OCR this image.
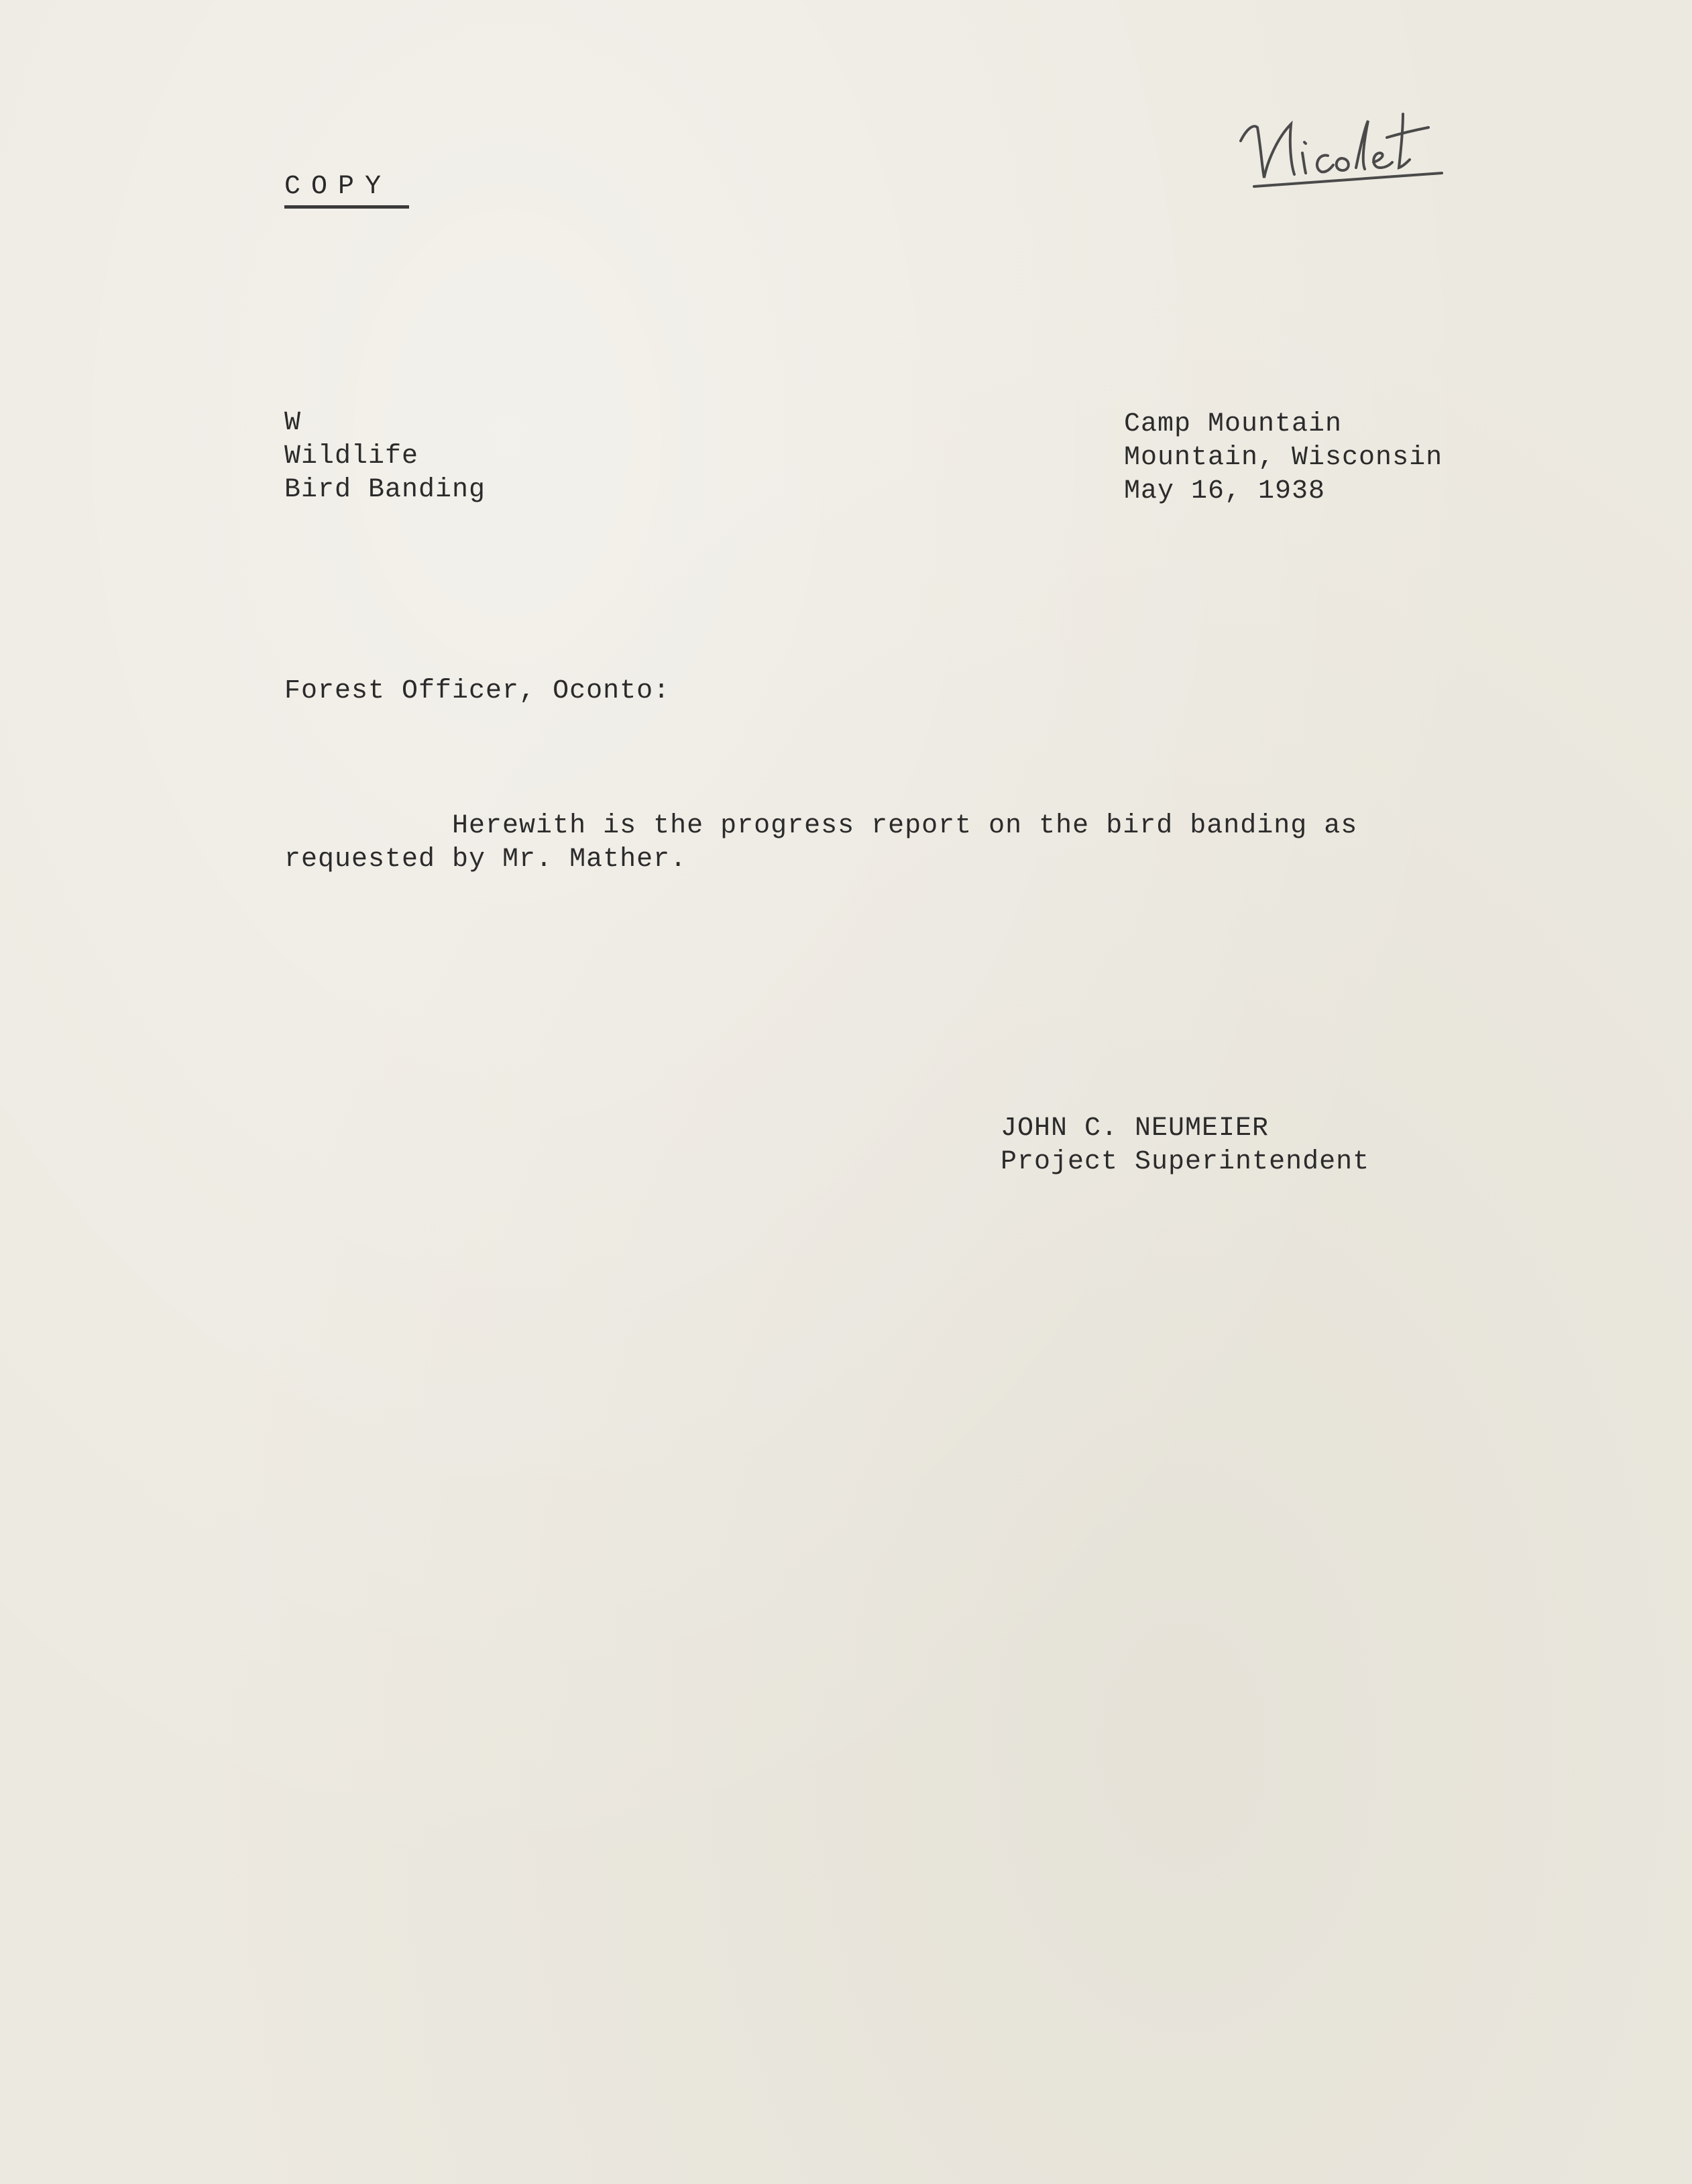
COPY
W
Wildlife
Bird Banding
Camp Mountain
Mountain, Wisconsin
May 16, 1938
Forest Officer, Oconto:
Herewith is the progress report on the bird banding as
requested by Mr. Mather.
JOHN C. NEUMEIER
Project Superintendent
